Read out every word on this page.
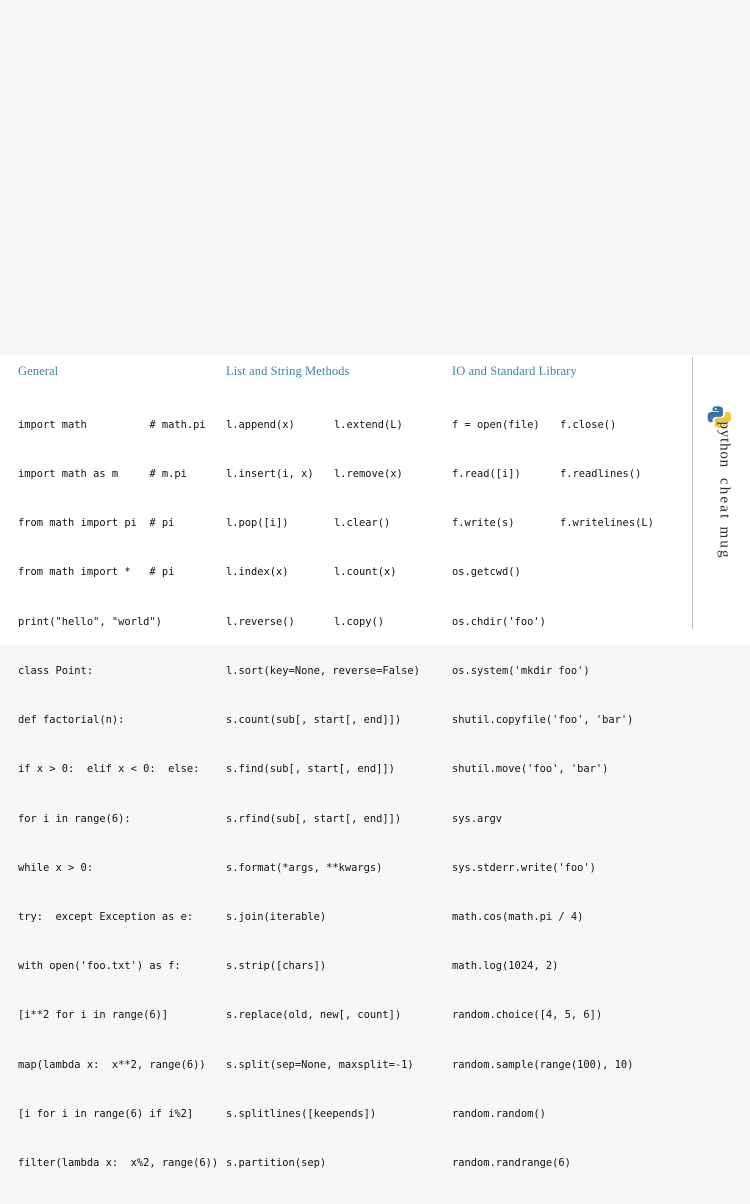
General

import math          # math.pi

import math as m     # m.pi

from math import pi  # pi

from math import *   # pi

print("hello", "world")

class Point:

def factorial(n):

if x > 0:  elif x < 0:  else:

for i in range(6):

while x > 0:

try:  except Exception as e:

with open('foo.txt') as f:

[i**2 for i in range(6)]

map(lambda x:  x**2, range(6))

[i for i in range(6) if i%2]

filter(lambda x:  x%2, range(6))

List and String Methods

l.append(x)	l.extend(L)

l.insert(i, x)	l.remove(x)

l.pop([i])	l.clear()

l.index(x)	l.count(x)

l.reverse()	l.copy()

l.sort(key=None, reverse=False)

s.count(sub[, start[, end]])

s.find(sub[, start[, end]])

s.rfind(sub[, start[, end]])

s.format(*args, **kwargs)

s.join(iterable)

s.strip([chars])

s.replace(old, new[, count])

s.split(sep=None, maxsplit=-1)

s.splitlines([keepends])

s.partition(sep)

IO and Standard Library

f = open(file)	f.close()

f.read([i])	f.readlines()

f.write(s)	f.writelines(L)

os.getcwd()

os.chdir('foo')

os.system('mkdir foo')

shutil.copyfile('foo', 'bar')

shutil.move('foo', 'bar')

sys.argv

sys.stderr.write('foo')

math.cos(math.pi / 4)

math.log(1024, 2)

random.choice([4, 5, 6])

random.sample(range(100), 10)

random.random()

random.randrange(6)

python  cheat mug
